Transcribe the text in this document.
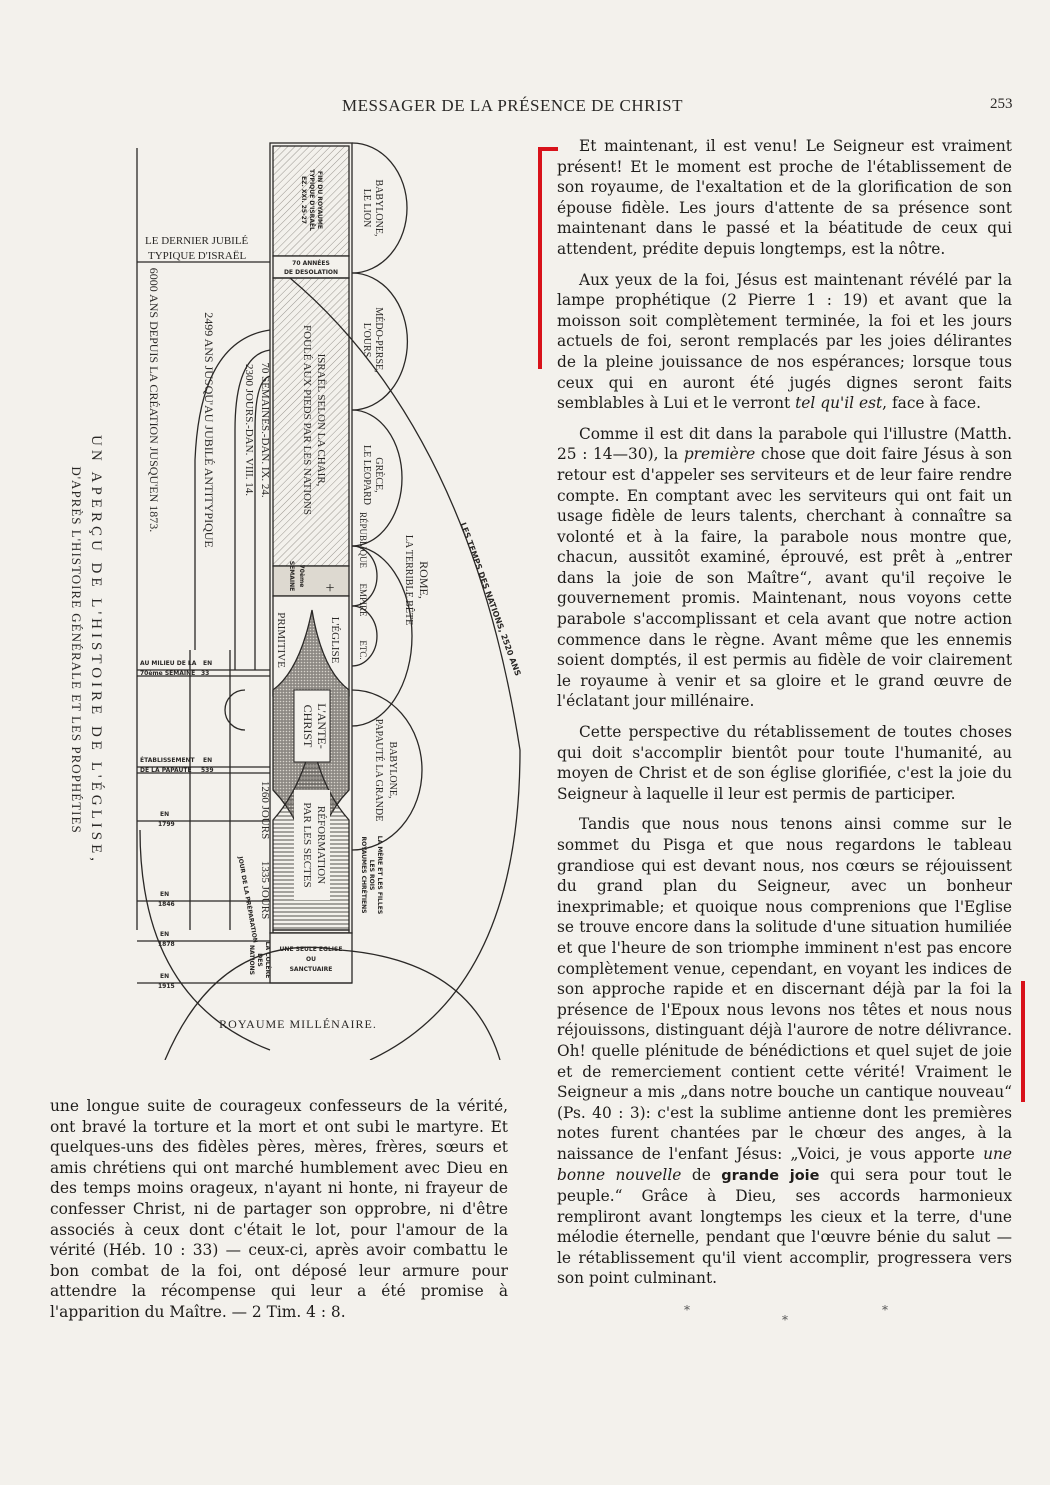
MESSAGER DE LA PRÉSENCE DE CHRIST	253
UN APERÇU DE L'HISTOIRE DE L'ÉGLISE,
D'APRÈS L'HISTOIRE GÉNÉRALE ET LES PROPHÉTIES
6000 ANS DEPUIS LA CRÉATION JUSQU'EN 1873.	2499 ANS JUSQU'AU JUBILÉ ANTITYPIQUE 2300 JOURS.-DAN. VIII. 14. 70 SEMAINES.-DAN. IX. 24.
LE DERNIER JUBILÉ
TYPIQUE D'ISRAËL
FIN DU ROYAUME
TYPIQUE D'ISRAËL
EZ. XXI. 25-27
70 ANNÉES
DE DESOLATION
ISRAËL SELON LA CHAIR,
FOULÉ AUX PIEDS PAR LES NATIONS
BABYLONE,
LE LION
MÉDO-PERSE,
L'OURS
GRÈCE,
LE LEOPARD
RÉPUBLIQUE
EMPIRE
ETC.
ROME,
LA TERRIBLE BÊTE	LES TEMPS DES NATIONS, 2520 ANS
BABYLONE,
PAPAUTÉ LA GRANDE
LA MÈRE ET LES FILLES
LES ROIS
ROYAUMES CHRÉTIENS
+
L'ÉGLISE
PRIMITIVE
70ème
SEMAINE
L'ANTE-
CHRIST
RÉFORMATION
PAR LES SECTES
1260 JOURS
1335 JOURS
JOUR DE LA PRÉPARATION
LA COLÈRE
DES
NATIONS	UNE SEULE EGLISE
OU
SANCTUAIRE
ROYAUME MILLÉNAIRE.
AU MILIEU DE LA
70ème SEMAINE
EN
33
ÉTABLISSEMENT
DE LA PAPAUTÉ
EN
539
EN
1799
EN
1846
EN
1878
EN
1915

Et maintenant, il est venu! Le Seigneur est vraiment présent! Et le moment est proche de l'établissement de son royaume, de l'exaltation et de la glorification de son épouse fidèle. Les jours d'attente de sa présence sont maintenant dans le passé et la béatitude de ceux qui attendent, prédite depuis longtemps, est la nôtre.

Aux yeux de la foi, Jésus est maintenant révélé par la lampe prophétique (2 Pierre 1 : 19) et avant que la moisson soit complètement terminée, la foi et les jours actuels de foi, seront remplacés par les joies délirantes de la pleine jouissance de nos espérances; lorsque tous ceux qui en auront été jugés dignes seront faits semblables à Lui et le verront tel qu'il est, face à face.

Comme il est dit dans la parabole qui l'illustre (Matth. 25 : 14—30), la première chose que doit faire Jésus à son retour est d'appeler ses serviteurs et de leur faire rendre compte. En comptant avec les serviteurs qui ont fait un usage fidèle de leurs talents, cherchant à connaître sa volonté et à la faire, la parabole nous montre que, chacun, aussitôt examiné, éprouvé, est prêt à „entrer dans la joie de son Maître“, avant qu'il reçoive le gouvernement promis. Maintenant, nous voyons cette parabole s'accomplissant et cela avant que notre action commence dans le règne. Avant même que les ennemis soient domptés, il est permis au fidèle de voir clairement le royaume à venir et sa gloire et le grand œuvre de l'éclatant jour millénaire.

Cette perspective du rétablissement de toutes choses qui doit s'accomplir bientôt pour toute l'humanité, au moyen de Christ et de son église glorifiée, c'est la joie du Seigneur à laquelle il leur est permis de participer.

Tandis que nous nous tenons ainsi comme sur le sommet du Pisga et que nous regardons le tableau grandiose qui est devant nous, nos cœurs se réjouissent du grand plan du Seigneur, avec un bonheur inexprimable; et quoique nous comprenions que l'Eglise se trouve encore dans la solitude d'une situation humiliée et que l'heure de son triomphe imminent n'est pas encore complètement venue, cependant, en voyant les indices de son approche rapide et en discernant déjà par la foi la présence de l'Epoux nous levons nos têtes et nous nous réjouissons, distinguant déjà l'aurore de notre délivrance. Oh! quelle plénitude de bénédictions et quel sujet de joie et de remerciement contient cette vérité! Vraiment le Seigneur a mis „dans notre bouche un cantique nouveau“ (Ps. 40 : 3): c'est la sublime antienne dont les premières notes furent chantées par le chœur des anges, à la naissance de l'enfant Jésus: „Voici, je vous apporte une bonne nouvelle de grande joie qui sera pour tout le peuple.“ Grâce à Dieu, ses accords harmonieux rempliront avant longtemps les cieux et la terre, d'une mélodie éternelle, pendant que l'œuvre bénie du salut — le rétablissement qu'il vient accomplir, progressera vers son point culminant.

une longue suite de courageux confesseurs de la vérité, ont bravé la torture et la mort et ont subi le martyre. Et quelques-uns des fidèles pères, mères, frères, sœurs et amis chrétiens qui ont marché humblement avec Dieu en des temps moins orageux, n'ayant ni honte, ni frayeur de confesser Christ, ni de partager son opprobre, ni d'être associés à ceux dont c'était le lot, pour l'amour de la vérité (Héb. 10 : 33) — ceux-ci, après avoir combattu le bon combat de la foi, ont déposé leur armure pour attendre la récompense qui leur a été promise à l'apparition du Maître. — 2 Tim. 4 : 8.	*
*
*
